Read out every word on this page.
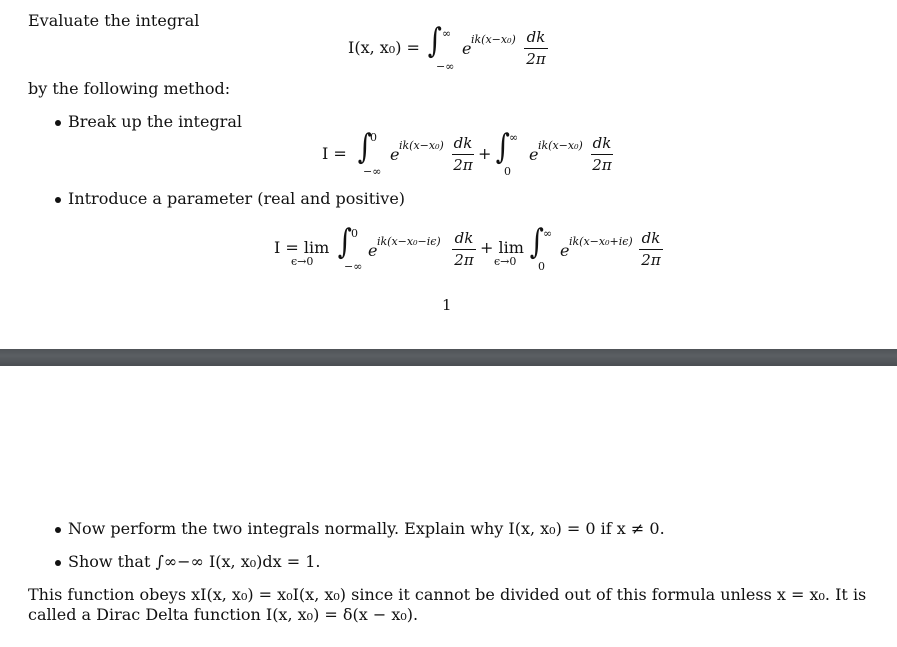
Evaluate the integral
I(x, x₀) = ∫ ∞
−∞
e ik(x−x₀) dk
2π
by the following method:
Break up the integral
I = ∫
0
−∞
e ik(x−x₀) dk
2π
+ ∫ ∞
0
e ik(x−x₀) dk
2π
Introduce a parameter (real and positive)
I = lim
ϵ→0 ∫ 0
−∞
e ik(x−x₀−iϵ) dk
2π
+ lim
ϵ→0 ∫ ∞
0
e ik(x−x₀+iϵ) dk
2π
1
Now perform the two integrals normally. Explain why I(x, x₀) = 0 if x ≠ 0.
Show that ∫∞−∞ I(x, x₀)dx = 1.
This function obeys xI(x, x₀) = x₀I(x, x₀) since it cannot be divided out of this formula unless x = x₀. It is called a Dirac Delta function I(x, x₀) = δ(x − x₀).
